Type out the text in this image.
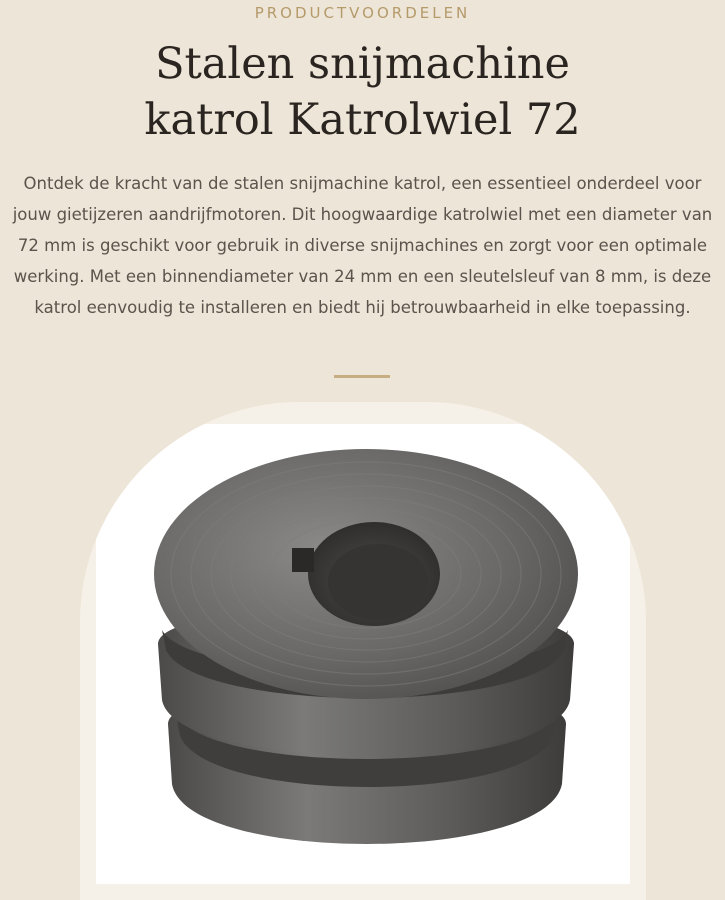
PRODUCTVOORDELEN
Stalen snijmachine
katrol Katrolwiel 72

Ontdek de kracht van de stalen snijmachine katrol, een essentieel onderdeel voor jouw gietijzeren aandrijfmotoren. Dit hoogwaardige katrolwiel met een diameter van 72 mm is geschikt voor gebruik in diverse snijmachines en zorgt voor een optimale werking. Met een binnendiameter van 24 mm en een sleutelsleuf van 8 mm, is deze katrol eenvoudig te installeren en biedt hij betrouwbaarheid in elke toepassing.
